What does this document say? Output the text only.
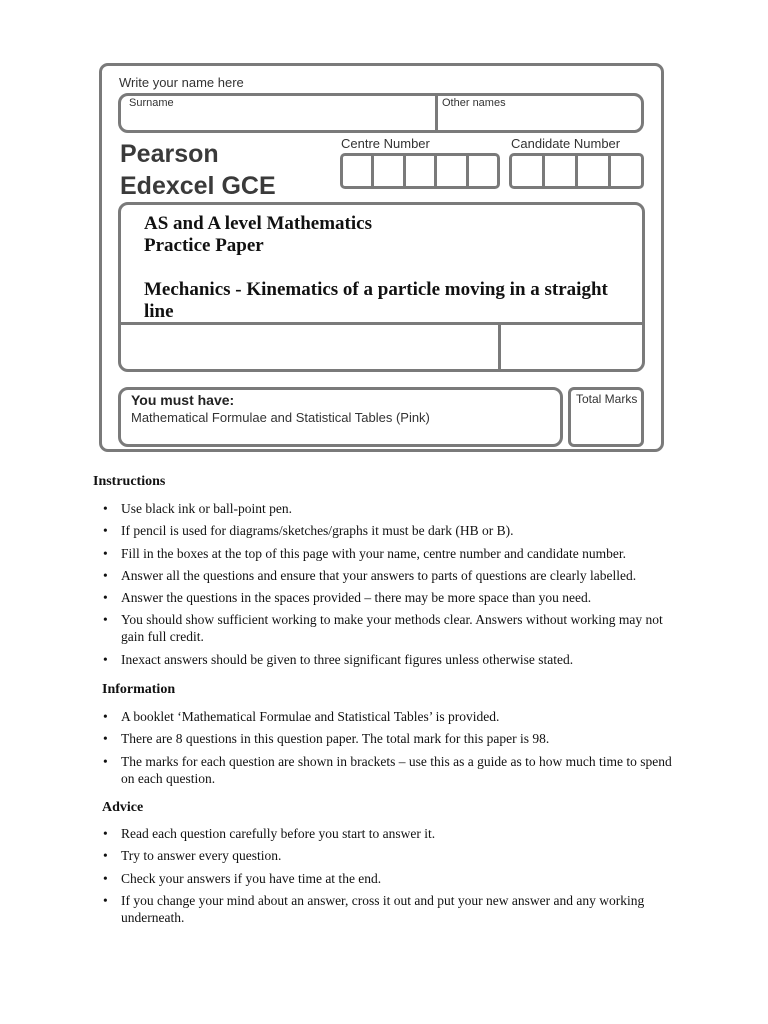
Write your name here
Surname	Other names
Pearson
Edexcel GCE
Centre Number	Candidate Number
AS and A level Mathematics
Practice Paper
Mechanics - Kinematics of a particle moving in a straight line
You must have:
Mathematical Formulae and Statistical Tables (Pink)
Total Marks
Instructions
• Use black ink or ball-point pen.
• If pencil is used for diagrams/sketches/graphs it must be dark (HB or B).
• Fill in the boxes at the top of this page with your name, centre number and candidate number.
• Answer all the questions and ensure that your answers to parts of questions are clearly labelled.
• Answer the questions in the spaces provided – there may be more space than you need.
• You should show sufficient working to make your methods clear. Answers without working may not gain full credit.
• Inexact answers should be given to three significant figures unless otherwise stated.
Information
• A booklet ‘Mathematical Formulae and Statistical Tables’ is provided.
• There are 8 questions in this question paper. The total mark for this paper is 98.
• The marks for each question are shown in brackets – use this as a guide as to how much time to spend on each question.
Advice
• Read each question carefully before you start to answer it.
• Try to answer every question.
• Check your answers if you have time at the end.
• If you change your mind about an answer, cross it out and put your new answer and any working underneath.
